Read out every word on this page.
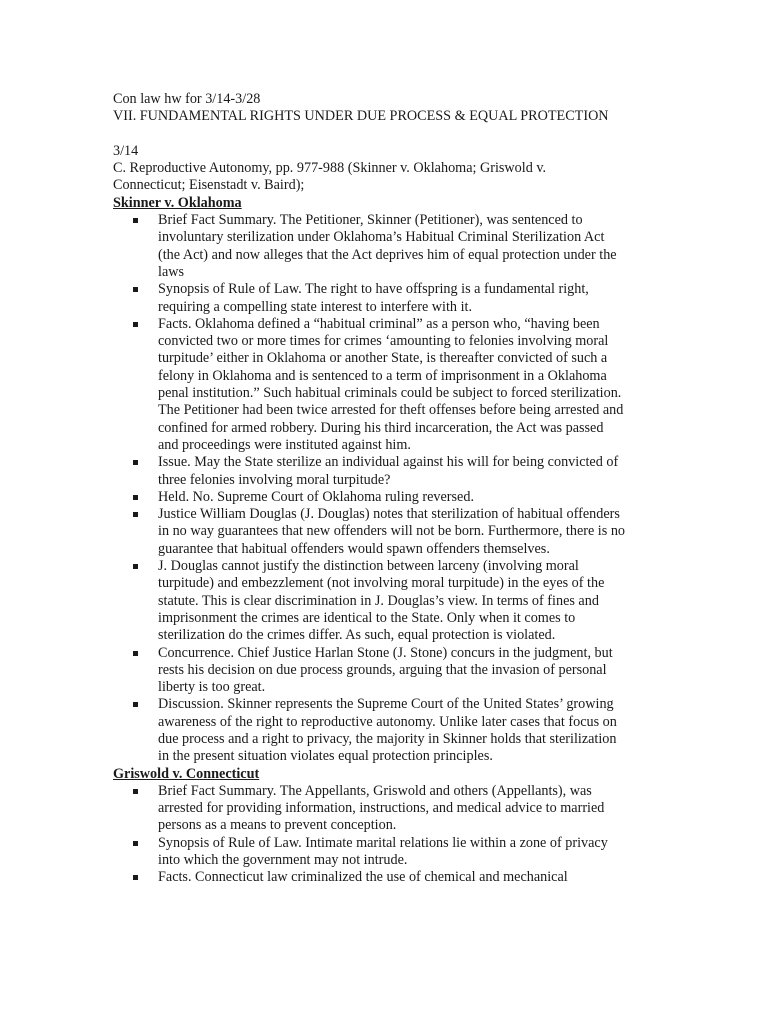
Con law hw for 3/14-3/28
VII. FUNDAMENTAL RIGHTS UNDER DUE PROCESS & EQUAL PROTECTION
3/14
C. Reproductive Autonomy, pp. 977-988 (Skinner v. Oklahoma; Griswold v.
Connecticut; Eisenstadt v. Baird);
Skinner v. Oklahoma
Brief Fact Summary. The Petitioner, Skinner (Petitioner), was sentenced to
involuntary sterilization under Oklahoma’s Habitual Criminal Sterilization Act
(the Act) and now alleges that the Act deprives him of equal protection under the
laws
Synopsis of Rule of Law. The right to have offspring is a fundamental right,
requiring a compelling state interest to interfere with it.
Facts. Oklahoma defined a “habitual criminal” as a person who, “having been
convicted two or more times for crimes ‘amounting to felonies involving moral
turpitude’ either in Oklahoma or another State, is thereafter convicted of such a
felony in Oklahoma and is sentenced to a term of imprisonment in a Oklahoma
penal institution.” Such habitual criminals could be subject to forced sterilization.
The Petitioner had been twice arrested for theft offenses before being arrested and
confined for armed robbery. During his third incarceration, the Act was passed
and proceedings were instituted against him.
Issue. May the State sterilize an individual against his will for being convicted of
three felonies involving moral turpitude?
Held. No. Supreme Court of Oklahoma ruling reversed.
Justice William Douglas (J. Douglas) notes that sterilization of habitual offenders
in no way guarantees that new offenders will not be born. Furthermore, there is no
guarantee that habitual offenders would spawn offenders themselves.
J. Douglas cannot justify the distinction between larceny (involving moral
turpitude) and embezzlement (not involving moral turpitude) in the eyes of the
statute. This is clear discrimination in J. Douglas’s view. In terms of fines and
imprisonment the crimes are identical to the State. Only when it comes to
sterilization do the crimes differ. As such, equal protection is violated.
Concurrence. Chief Justice Harlan Stone (J. Stone) concurs in the judgment, but
rests his decision on due process grounds, arguing that the invasion of personal
liberty is too great.
Discussion. Skinner represents the Supreme Court of the United States’ growing
awareness of the right to reproductive autonomy. Unlike later cases that focus on
due process and a right to privacy, the majority in Skinner holds that sterilization
in the present situation violates equal protection principles.
Griswold v. Connecticut
Brief Fact Summary. The Appellants, Griswold and others (Appellants), was
arrested for providing information, instructions, and medical advice to married
persons as a means to prevent conception.
Synopsis of Rule of Law. Intimate marital relations lie within a zone of privacy
into which the government may not intrude.
Facts. Connecticut law criminalized the use of chemical and mechanical
